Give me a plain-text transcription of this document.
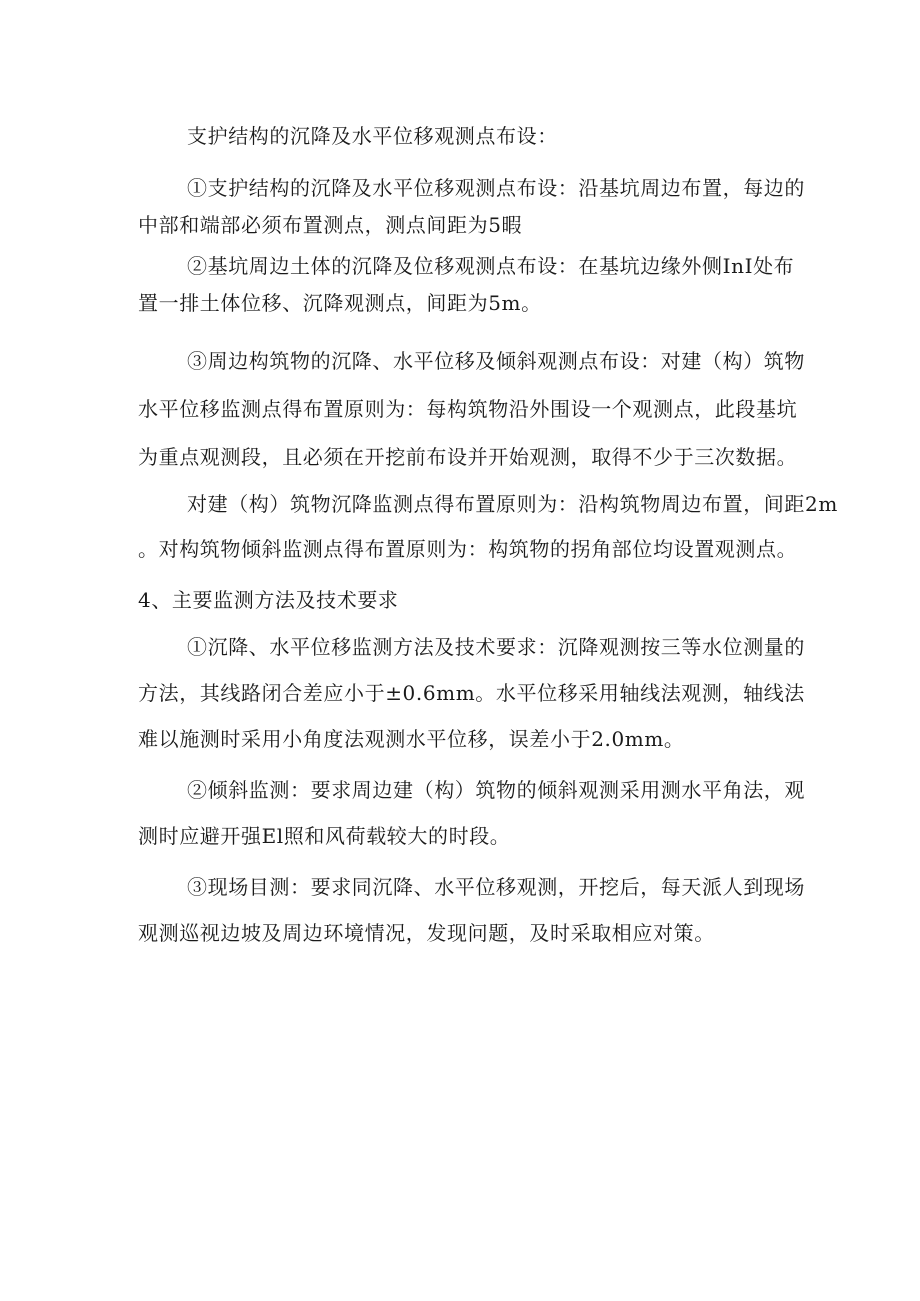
支护结构的沉降及水平位移观测点布设：

①支护结构的沉降及水平位移观测点布设：沿基坑周边布置，每边的
中部和端部必须布置测点，测点间距为5暇

②基坑周边土体的沉降及位移观测点布设：在基坑边缘外侧InI处布
置一排土体位移、沉降观测点，间距为5m。

③周边构筑物的沉降、水平位移及倾斜观测点布设：对建（构）筑物
水平位移监测点得布置原则为：每构筑物沿外围设一个观测点，此段基坑
为重点观测段，且必须在开挖前布设并开始观测，取得不少于三次数据。

对建（构）筑物沉降监测点得布置原则为：沿构筑物周边布置，间距2m
。对构筑物倾斜监测点得布置原则为：构筑物的拐角部位均设置观测点。

4、主要监测方法及技术要求

①沉降、水平位移监测方法及技术要求：沉降观测按三等水位测量的
方法，其线路闭合差应小于±0.6mm。水平位移采用轴线法观测，轴线法
难以施测时采用小角度法观测水平位移，误差小于2.0mm。

②倾斜监测：要求周边建（构）筑物的倾斜观测采用测水平角法，观
测时应避开强El照和风荷载较大的时段。

③现场目测：要求同沉降、水平位移观测，开挖后，每天派人到现场
观测巡视边坡及周边环境情况，发现问题，及时采取相应对策。
